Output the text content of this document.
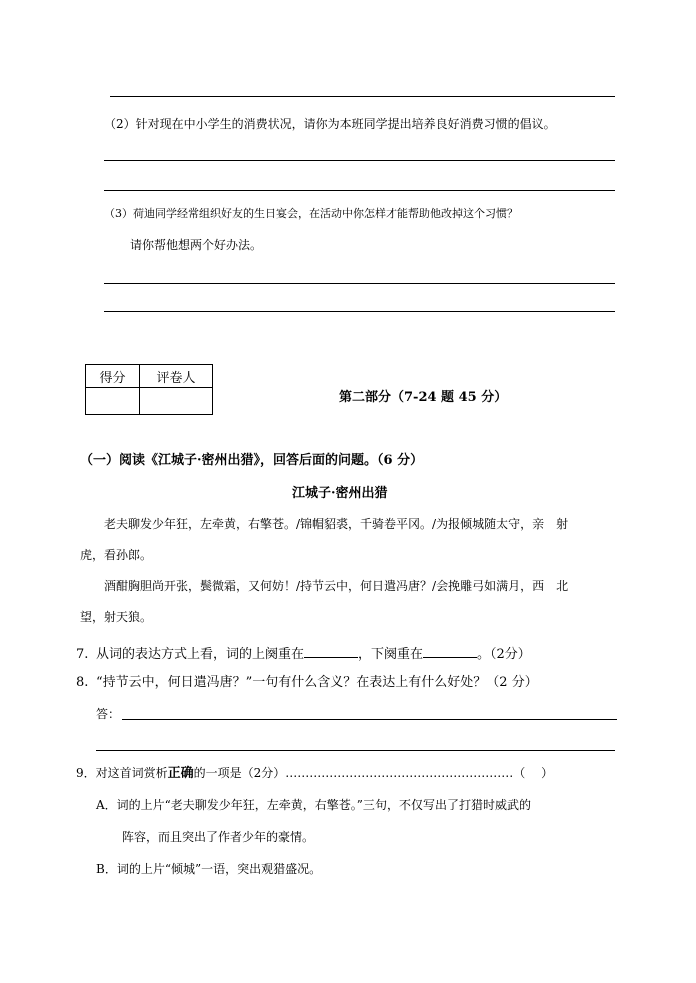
（2）针对现在中小学生的消费状况，请你为本班同学提出培养良好消费习惯的倡议。
（3）荷迪同学经常组织好友的生日宴会，在活动中你怎样才能帮助他改掉这个习惯？
请你帮他想两个好办法。
得分	评卷人

第二部分（7-24 题 45 分）
（一）阅读《江城子·密州出猎》，回答后面的问题。（6 分）
江城子·密州出猎
老夫聊发少年狂，左牵黄，右擎苍。/锦帽貂裘，千骑卷平冈。/为报倾城随太守，亲　射
虎，看孙郎。
酒酣胸胆尚开张，鬓微霜，又何妨！/持节云中，何日遣冯唐？/会挽雕弓如满月，西　北
望，射天狼。
7. 从词的表达方式上看，词的上阕重在	，下阕重在	。（2分）
8. “持节云中，何日遣冯唐？”一句有什么含义？在表达上有什么好处？（2 分）
答：
9．对这首词赏析正确的一项是（2分）…………………………………………………（　 ）
A．词的上片“老夫聊发少年狂，左牵黄，右擎苍。”三句，不仅写出了打猎时威武的
阵容，而且突出了作者少年的豪情。
B．词的上片“倾城”一语，突出观猎盛况。
